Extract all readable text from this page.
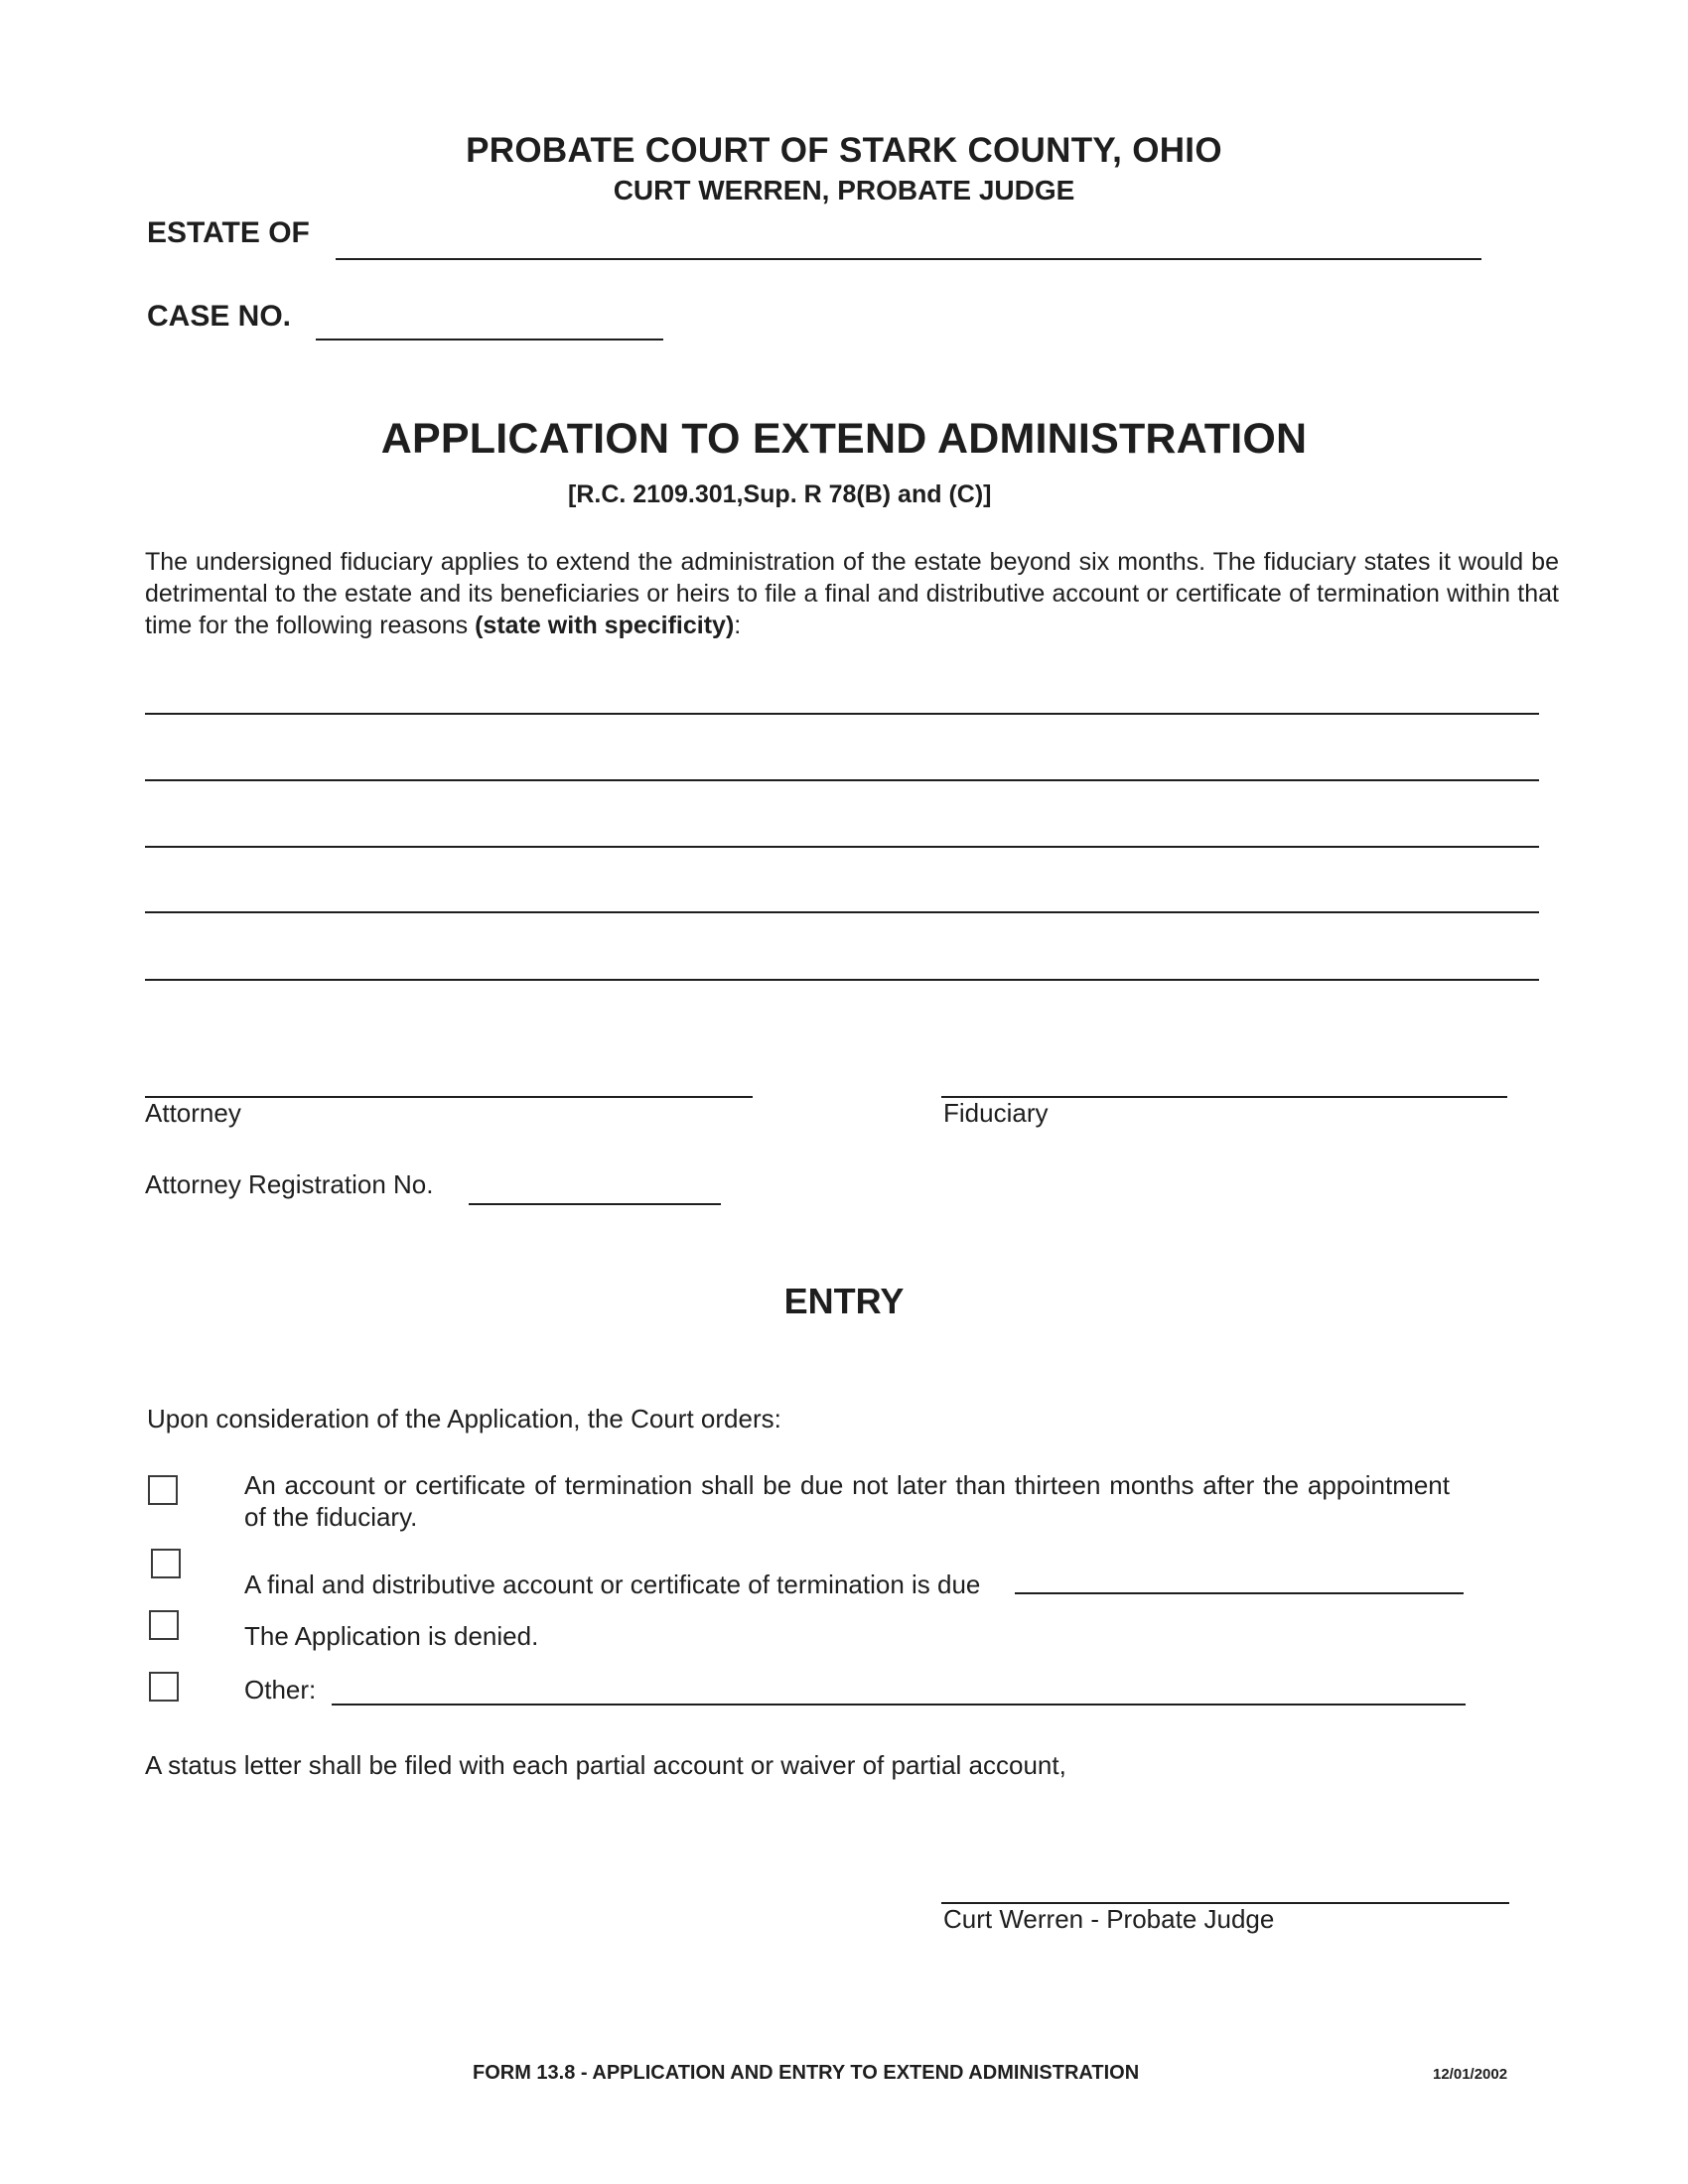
PROBATE COURT OF STARK COUNTY, OHIO
CURT WERREN, PROBATE JUDGE
ESTATE OF
CASE NO.
APPLICATION TO EXTEND ADMINISTRATION
[R.C. 2109.301,Sup. R 78(B) and (C)]
The undersigned fiduciary applies to extend the administration of the estate beyond six months. The fiduciary states it would be detrimental to the estate and its beneficiaries or heirs to file a final and distributive account or certificate of termination within that time for the following reasons (state with specificity):
Attorney	Fiduciary
Attorney Registration No.
ENTRY
Upon consideration of the Application, the Court orders:
An account or certificate of termination shall be due not later than thirteen months after the appointment of the fiduciary.
A final and distributive account or certificate of termination is due
The Application is denied.
Other:
A status letter shall be filed with each partial account or waiver of partial account,
Curt Werren - Probate Judge
FORM 13.8 - APPLICATION AND ENTRY TO EXTEND ADMINISTRATION	12/01/2002
